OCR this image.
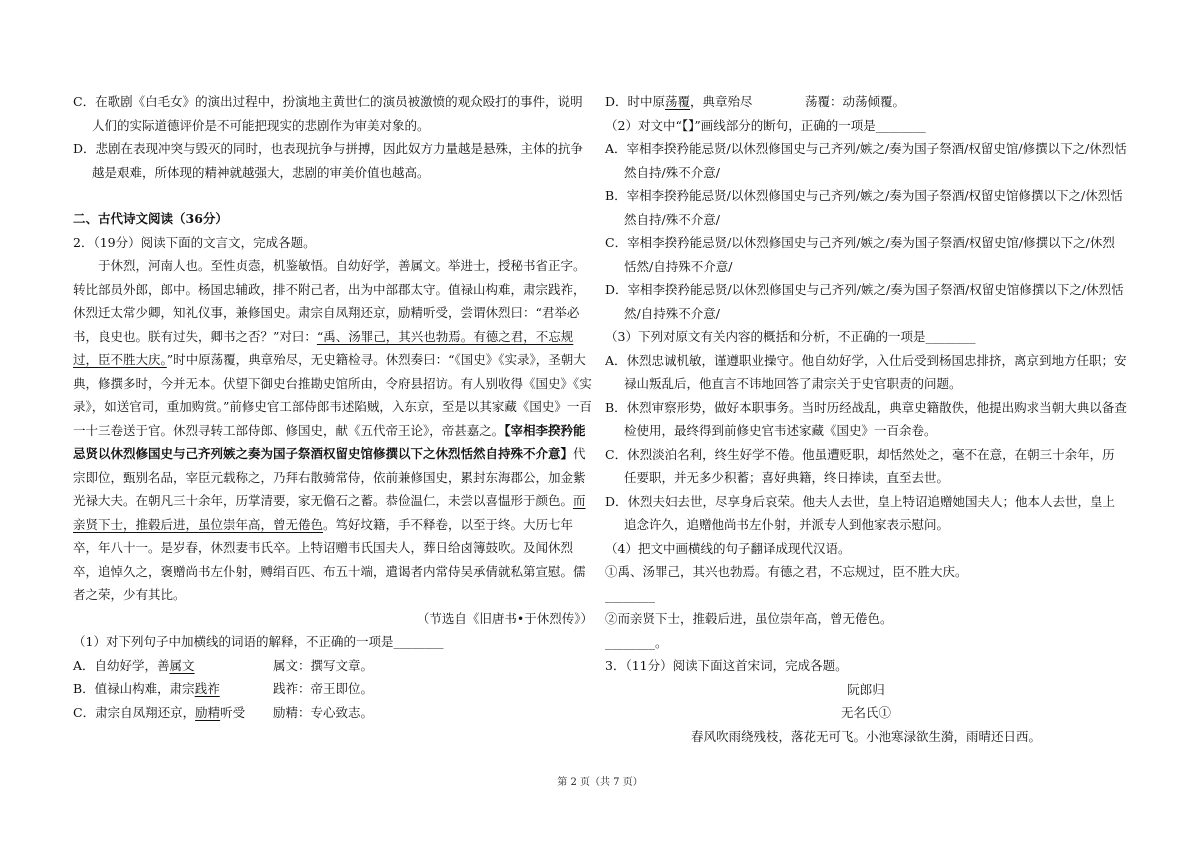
C．在歌剧《白毛女》的演出过程中，扮演地主黄世仁的演员被激愤的观众殴打的事件，说明人们的实际道德评价是不可能把现实的悲剧作为审美对象的。

D．悲剧在表现冲突与毁灭的同时，也表现抗争与拼搏，因此奴方力量越是悬殊，主体的抗争越是艰难，所体现的精神就越强大，悲剧的审美价值也越高。

二、古代诗文阅读（36分）

2．（19分）阅读下面的文言文，完成各题。

于休烈，河南人也。至性贞悫，机鉴敏悟。自幼好学，善属文。举进士，授秘书省正字。转比部员外郎，郎中。杨国忠辅政，排不附己者，出为中部郡太守。值禄山构难，肃宗践祚，休烈迁太常少卿，知礼仪事，兼修国史。肃宗自凤翔还京，励精听受，尝谓休烈曰：“君举必书，良史也。朕有过失，卿书之否？”对曰：“禹、汤罪己，其兴也勃焉。有德之君，不忘规过，臣不胜大庆。”时中原荡覆，典章殆尽，无史籍检寻。休烈奏曰：“《国史》《实录》，圣朝大典，修撰多时，今并无本。伏望下御史台推勘史馆所由，令府县招访。有人别收得《国史》《实录》，如送官司，重加购赏。”前修史官工部侍郎韦述陷贼，入东京，至是以其家藏《国史》一百一十三卷送于官。休烈寻转工部侍郎、修国史，献《五代帝王论》，帝甚嘉之。【宰相李揆矜能忌贤以休烈修国史与己齐列嫉之奏为国子祭酒权留史馆修撰以下之休烈恬然自持殊不介意】代宗即位，甄别名品，宰臣元载称之，乃拜右散骑常侍，依前兼修国史，累封东海郡公，加金紫光禄大夫。在朝凡三十余年，历掌清要，家无儋石之蓄。恭俭温仁，未尝以喜愠形于颜色。而亲贤下士，推毂后进，虽位崇年高，曾无倦色。笃好坟籍，手不释卷，以至于终。大历七年卒，年八十一。是岁春，休烈妻韦氏卒。上特诏赠韦氏国夫人，葬日给卤簿鼓吹。及闻休烈卒，追悼久之，褒赠尚书左仆射，赙绢百匹、布五十端，遣谒者内常侍吴承倩就私第宣慰。儒者之荣，少有其比。

（节选自《旧唐书•于休烈传》）

（1）对下列句子中加横线的词语的解释，不正确的一项是________

A．自幼好学，善属文	属文：撰写文章。
B．值禄山构难，肃宗践祚	践祚：帝王即位。
C．肃宗自凤翔还京，励精听受	励精：专心致志。
D．时中原荡覆，典章殆尽	荡覆：动荡倾覆。

（2）对文中“【】”画线部分的断句，正确的一项是________

A．宰相李揆矜能忌贤/以休烈修国史与己齐列/嫉之/奏为国子祭酒/权留史馆/修撰以下之/休烈恬然自持/殊不介意/

B．宰相李揆矜能忌贤/以休烈修国史与己齐列/嫉之/奏为国子祭酒/权留史馆修撰以下之/休烈恬然自持/殊不介意/

C．宰相李揆矜能忌贤/以休烈修国史与己齐列/嫉之/奏为国子祭酒/权留史馆/修撰以下之/休烈恬然/自持殊不介意/

D．宰相李揆矜能忌贤/以休烈修国史与己齐列/嫉之/奏为国子祭酒/权留史馆修撰以下之/休烈恬然/自持殊不介意/

（3）下列对原文有关内容的概括和分析，不正确的一项是________

A．休烈忠诚机敏，谨遵职业操守。他自幼好学，入仕后受到杨国忠排挤，离京到地方任职；安禄山叛乱后，他直言不讳地回答了肃宗关于史官职责的问题。

B．休烈审察形势，做好本职事务。当时历经战乱，典章史籍散佚，他提出购求当朝大典以备查检使用，最终得到前修史官韦述家藏《国史》一百余卷。

C．休烈淡泊名利，终生好学不倦。他虽遭贬职，却恬然处之，毫不在意，在朝三十余年，历任要职，并无多少积蓄；喜好典籍，终日捧读，直至去世。

D．休烈夫妇去世，尽享身后哀荣。他夫人去世，皇上特诏追赠她国夫人；他本人去世，皇上追念许久，追赠他尚书左仆射，并派专人到他家表示慰问。

（4）把文中画横线的句子翻译成现代汉语。

①禹、汤罪己，其兴也勃焉。有德之君，不忘规过，臣不胜大庆。

________

②而亲贤下士，推毂后进，虽位崇年高，曾无倦色。

________。

3．（11分）阅读下面这首宋词，完成各题。

阮郎归

无名氏①

春风吹雨绕残枝，落花无可飞。小池寒渌欲生漪，雨晴还日西。

第 2 页（共 7 页）
